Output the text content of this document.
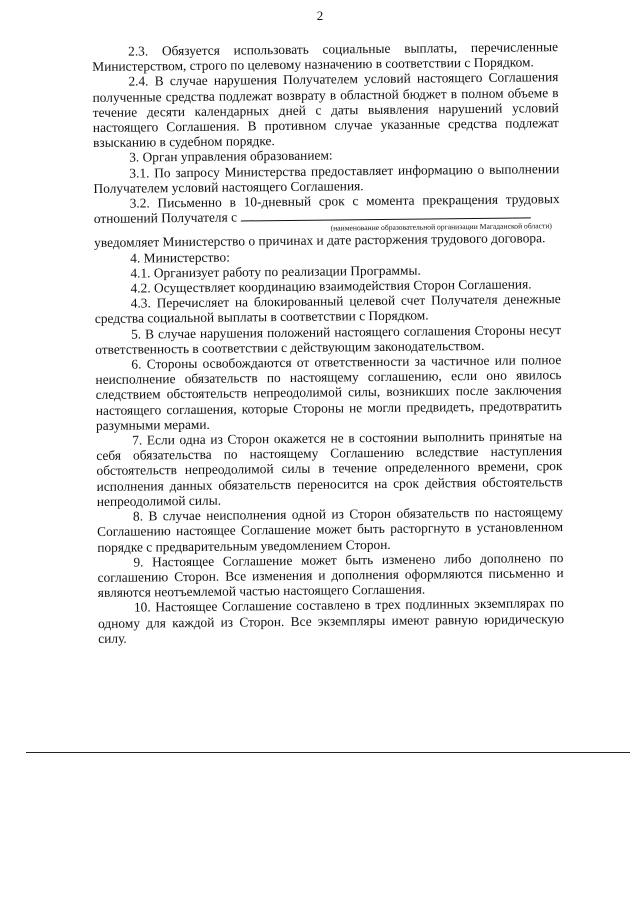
2

2.3. Обязуется использовать социальные выплаты, перечисленные Министерством, строго по целевому назначению в соответствии с Порядком.

2.4. В случае нарушения Получателем условий настоящего Соглашения полученные средства подлежат возврату в областной бюджет в полном объеме в течение десяти календарных дней с даты выявления нарушений условий настоящего Соглашения. В противном случае указанные средства подлежат взысканию в судебном порядке.

3. Орган управления образованием:

3.1. По запросу Министерства предоставляет информацию о выполнении Получателем условий настоящего Соглашения.

3.2. Письменно в 10-дневный срок с момента прекращения трудовых отношений Получателя с

(наименование образовательной организации Магаданской области)

уведомляет Министерство о причинах и дате расторжения трудового договора.

4. Министерство:

4.1. Организует работу по реализации Программы.

4.2. Осуществляет координацию взаимодействия Сторон Соглашения.

4.3. Перечисляет на блокированный целевой счет Получателя денежные средства социальной выплаты в соответствии с Порядком.

5. В случае нарушения положений настоящего соглашения Стороны несут ответственность в соответствии с действующим законодательством.

6. Стороны освобождаются от ответственности за частичное или полное неисполнение обязательств по настоящему соглашению, если оно явилось следствием обстоятельств непреодолимой силы, возникших после заключения настоящего соглашения, которые Стороны не могли предвидеть, предотвратить разумными мерами.

7. Если одна из Сторон окажется не в состоянии выполнить принятые на себя обязательства по настоящему Соглашению вследствие наступления обстоятельств непреодолимой силы в течение определенного времени, срок исполнения данных обязательств переносится на срок действия обстоятельств непреодолимой силы.

8. В случае неисполнения одной из Сторон обязательств по настоящему Соглашению настоящее Соглашение может быть расторгнуто в установленном порядке с предварительным уведомлением Сторон.

9. Настоящее Соглашение может быть изменено либо дополнено по соглашению Сторон. Все изменения и дополнения оформляются письменно и являются неотъемлемой частью настоящего Соглашения.

10. Настоящее Соглашение составлено в трех подлинных экземплярах по одному для каждой из Сторон. Все экземпляры имеют равную юридическую силу.
